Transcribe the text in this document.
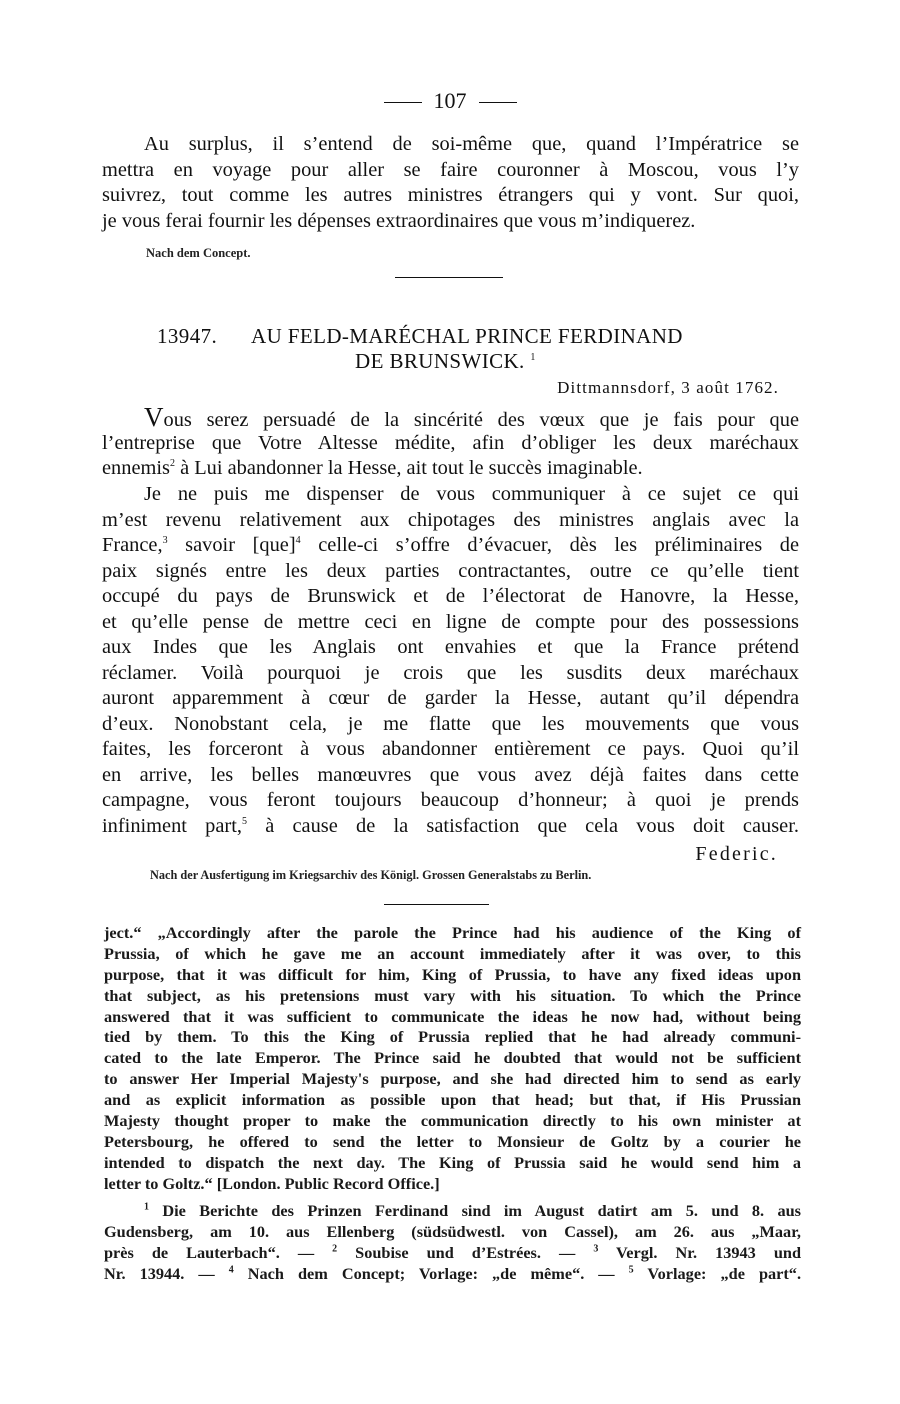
107
Au surplus, il s’entend de soi-même que, quand l’Impératrice se
mettra en voyage pour aller se faire couronner à Moscou, vous l’y
suivrez, tout comme les autres ministres étrangers qui y vont. Sur quoi,
je vous ferai fournir les dépenses extraordinaires que vous m’indiquerez.
Nach dem Concept.
13947. AU FELD-MARÉCHAL PRINCE FERDINAND
DE BRUNSWICK. $^1$
Dittmannsdorf, 3 août 1762.
Vous serez persuadé de la sincérité des vœux que je fais pour que
l’entreprise que Votre Altesse médite, afin d’obliger les deux maréchaux
ennemis$^2$ à Lui abandonner la Hesse, ait tout le succès imaginable.
Je ne puis me dispenser de vous communiquer à ce sujet ce qui
m’est revenu relativement aux chipotages des ministres anglais avec la
France,$^3$ savoir [que]$^4$ celle-ci s’offre d’évacuer, dès les préliminaires de
paix signés entre les deux parties contractantes, outre ce qu’elle tient
occupé du pays de Brunswick et de l’électorat de Hanovre, la Hesse,
et qu’elle pense de mettre ceci en ligne de compte pour des possessions
aux Indes que les Anglais ont envahies et que la France prétend
réclamer. Voilà pourquoi je crois que les susdits deux maréchaux
auront apparemment à cœur de garder la Hesse, autant qu’il dépendra
d’eux. Nonobstant cela, je me flatte que les mouvements que vous
faites, les forceront à vous abandonner entièrement ce pays. Quoi qu’il
en arrive, les belles manœuvres que vous avez déjà faites dans cette
campagne, vous feront toujours beaucoup d’honneur; à quoi je prends
infiniment part,$^5$ à cause de la satisfaction que cela vous doit causer.
Federic.
Nach der Ausfertigung im Kriegsarchiv des Königl. Grossen Generalstabs zu Berlin.
ject.“ „Accordingly after the parole the Prince had his audience of the King of
Prussia, of which he gave me an account immediately after it was over, to this
purpose, that it was difficult for him, King of Prussia, to have any fixed ideas upon
that subject, as his pretensions must vary with his situation. To which the Prince
answered that it was sufficient to communicate the ideas he now had, without being
tied by them. To this the King of Prussia replied that he had already communi-
cated to the late Emperor. The Prince said he doubted that would not be sufficient
to answer Her Imperial Majesty's purpose, and she had directed him to send as early
and as explicit information as possible upon that head; but that, if His Prussian
Majesty thought proper to make the communication directly to his own minister at
Petersbourg, he offered to send the letter to Monsieur de Goltz by a courier he
intended to dispatch the next day. The King of Prussia said he would send him a
letter to Goltz.“ [London. Public Record Office.]
$^1$ Die Berichte des Prinzen Ferdinand sind im August datirt am 5. und 8. aus
Gudensberg, am 10. aus Ellenberg (südsüdwestl. von Cassel), am 26. aus „Maar,
près de Lauterbach“. — $^2$ Soubise und d’Estrées. — $^3$ Vergl. Nr. 13943 und
Nr. 13944. — $^4$ Nach dem Concept; Vorlage: „de même“. — $^5$ Vorlage: „de part“.
